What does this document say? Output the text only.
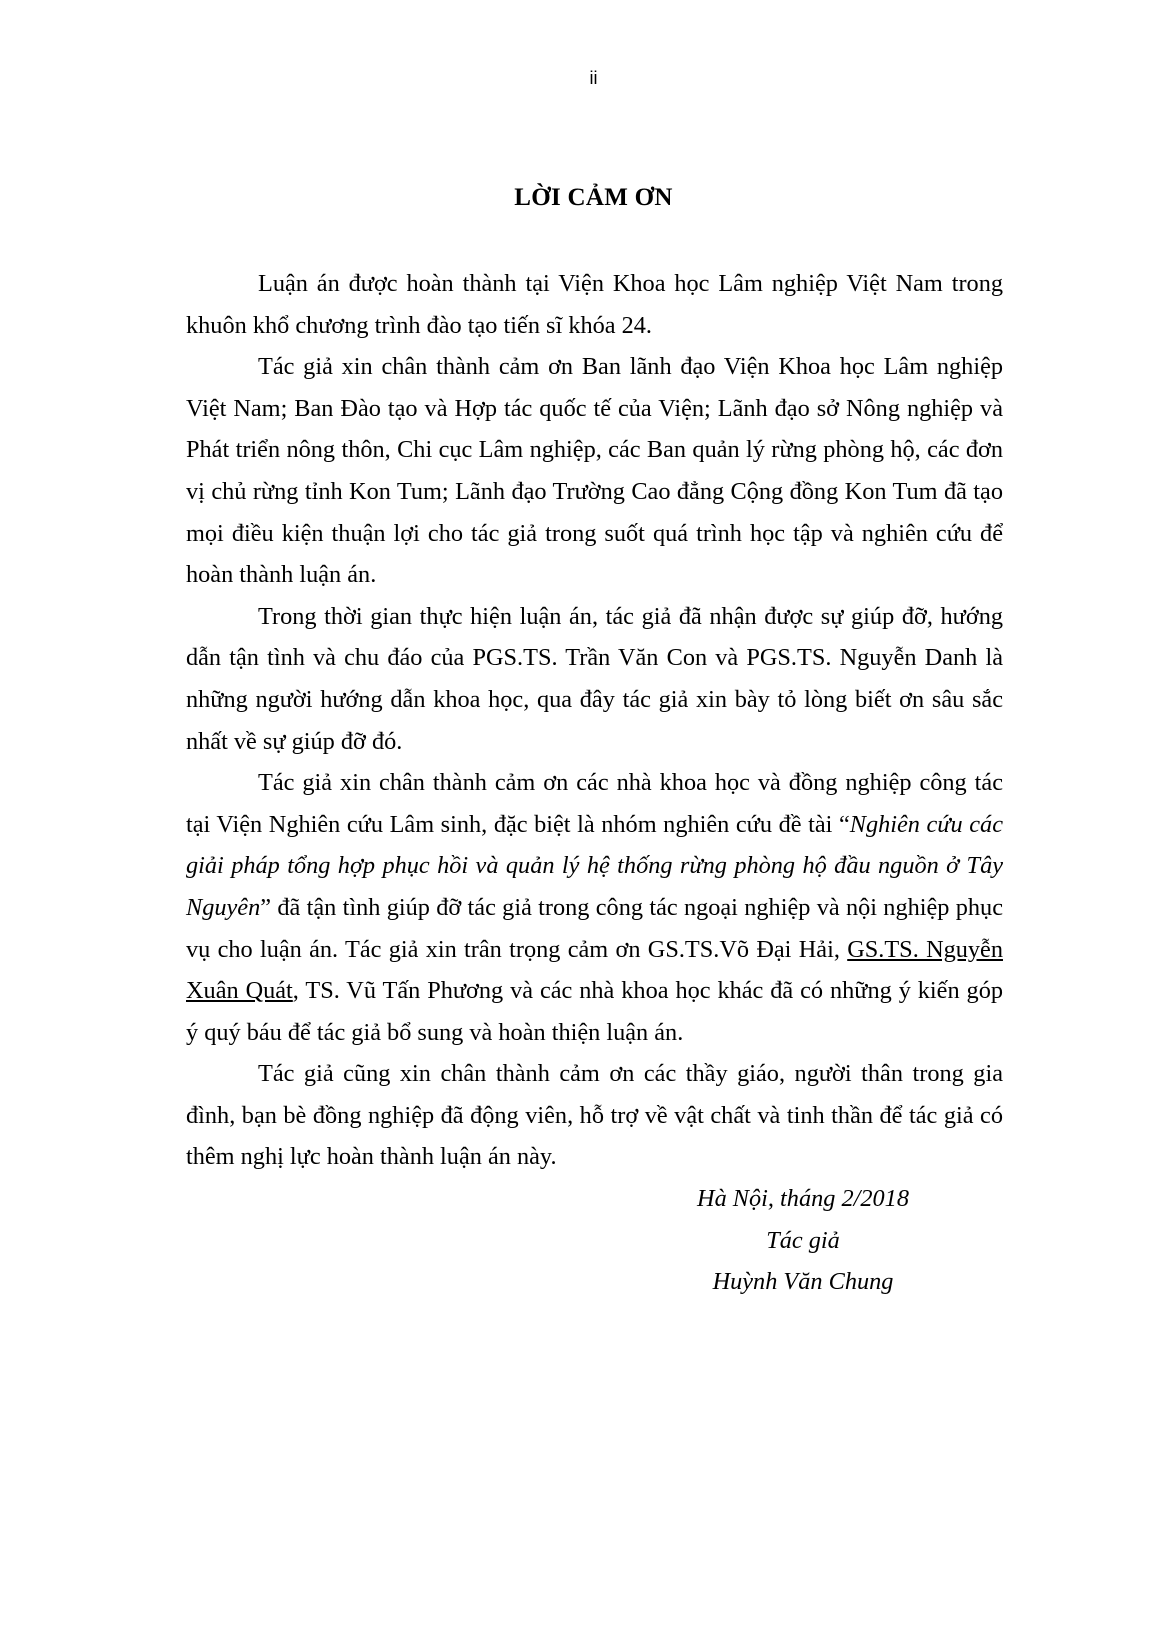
ii
LỜI CẢM ƠN

Luận án được hoàn thành tại Viện Khoa học Lâm nghiệp Việt Nam trong khuôn khổ chương trình đào tạo tiến sĩ khóa 24.

Tác giả xin chân thành cảm ơn Ban lãnh đạo Viện Khoa học Lâm nghiệp Việt Nam; Ban Đào tạo và Hợp tác quốc tế của Viện; Lãnh đạo sở Nông nghiệp và Phát triển nông thôn, Chi cục Lâm nghiệp, các Ban quản lý rừng phòng hộ, các đơn vị chủ rừng tỉnh Kon Tum; Lãnh đạo Trường Cao đẳng Cộng đồng Kon Tum đã tạo mọi điều kiện thuận lợi cho tác giả trong suốt quá trình học tập và nghiên cứu để hoàn thành luận án.

Trong thời gian thực hiện luận án, tác giả đã nhận được sự giúp đỡ, hướng dẫn tận tình và chu đáo của PGS.TS. Trần Văn Con và PGS.TS. Nguyễn Danh là những người hướng dẫn khoa học, qua đây tác giả xin bày tỏ lòng biết ơn sâu sắc nhất về sự giúp đỡ đó.

Tác giả xin chân thành cảm ơn các nhà khoa học và đồng nghiệp công tác tại Viện Nghiên cứu Lâm sinh, đặc biệt là nhóm nghiên cứu đề tài “Nghiên cứu các giải pháp tổng hợp phục hồi và quản lý hệ thống rừng phòng hộ đầu nguồn ở Tây Nguyên” đã tận tình giúp đỡ tác giả trong công tác ngoại nghiệp và nội nghiệp phục vụ cho luận án. Tác giả xin trân trọng cảm ơn GS.TS.Võ Đại Hải, GS.TS. Nguyễn Xuân Quát, TS. Vũ Tấn Phương và các nhà khoa học khác đã có những ý kiến góp ý quý báu để tác giả bổ sung và hoàn thiện luận án.

Tác giả cũng xin chân thành cảm ơn các thầy giáo, người thân trong gia đình, bạn bè đồng nghiệp đã động viên, hỗ trợ về vật chất và tinh thần để tác giả có thêm nghị lực hoàn thành luận án này.

Hà Nội, tháng 2/2018
Tác giả
Huỳnh Văn Chung
